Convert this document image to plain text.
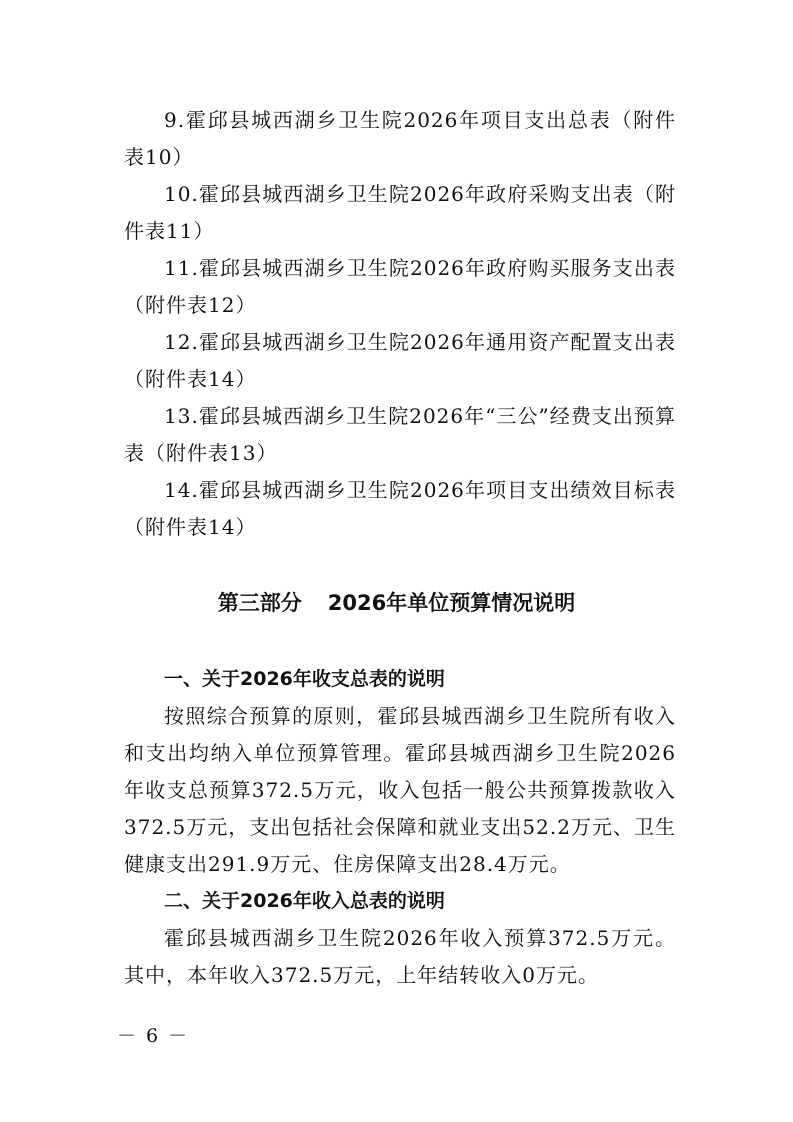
9.霍邱县城西湖乡卫生院2026年项目支出总表（附件表10）

10.霍邱县城西湖乡卫生院2026年政府采购支出表（附件表11）

11.霍邱县城西湖乡卫生院2026年政府购买服务支出表（附件表12）

12.霍邱县城西湖乡卫生院2026年通用资产配置支出表（附件表14）

13.霍邱县城西湖乡卫生院2026年“三公”经费支出预算表（附件表13）

14.霍邱县城西湖乡卫生院2026年项目支出绩效目标表（附件表14）

第三部分 2026年单位预算情况说明
一、关于2026年收支总表的说明

按照综合预算的原则，霍邱县城西湖乡卫生院所有收入和支出均纳入单位预算管理。霍邱县城西湖乡卫生院2026年收支总预算372.5万元，收入包括一般公共预算拨款收入372.5万元，支出包括社会保障和就业支出52.2万元、卫生健康支出291.9万元、住房保障支出28.4万元。

二、关于2026年收入总表的说明

霍邱县城西湖乡卫生院2026年收入预算372.5万元。其中，本年收入372.5万元，上年结转收入0万元。

－ 6 －
